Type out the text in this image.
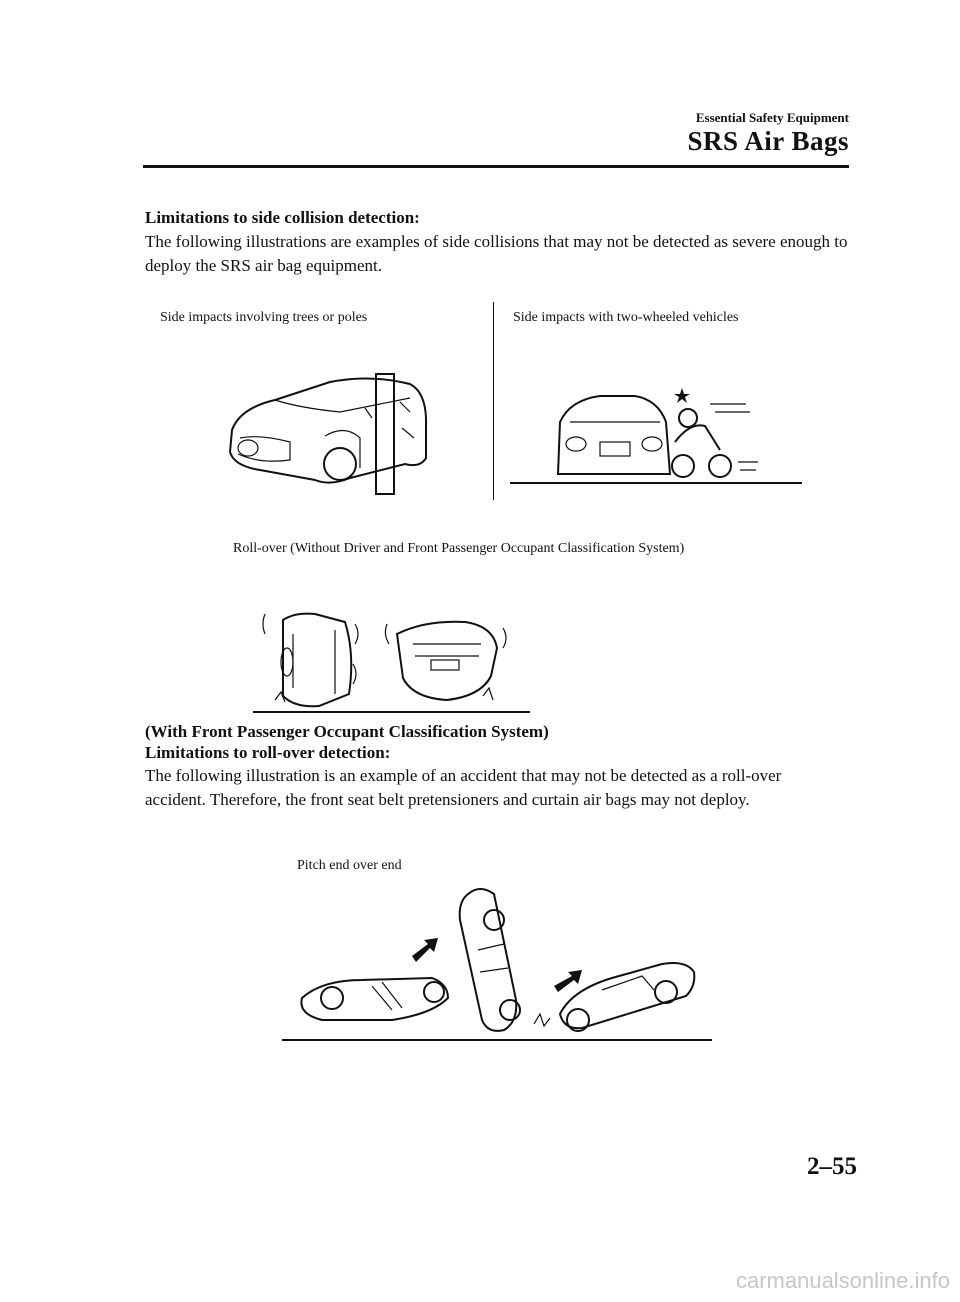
Essential Safety Equipment
SRS Air Bags
Limitations to side collision detection:
The following illustrations are examples of side collisions that may not be detected as severe enough to deploy the SRS air bag equipment.
Side impacts involving trees or poles	Side impacts with two-wheeled vehicles
Roll-over (Without Driver and Front Passenger Occupant Classification System)
(With Front Passenger Occupant Classification System)
Limitations to roll-over detection:
The following illustration is an example of an accident that may not be detected as a roll-over accident. Therefore, the front seat belt pretensioners and curtain air bags may not deploy.
Pitch end over end
2–55
carmanualsonline.info
